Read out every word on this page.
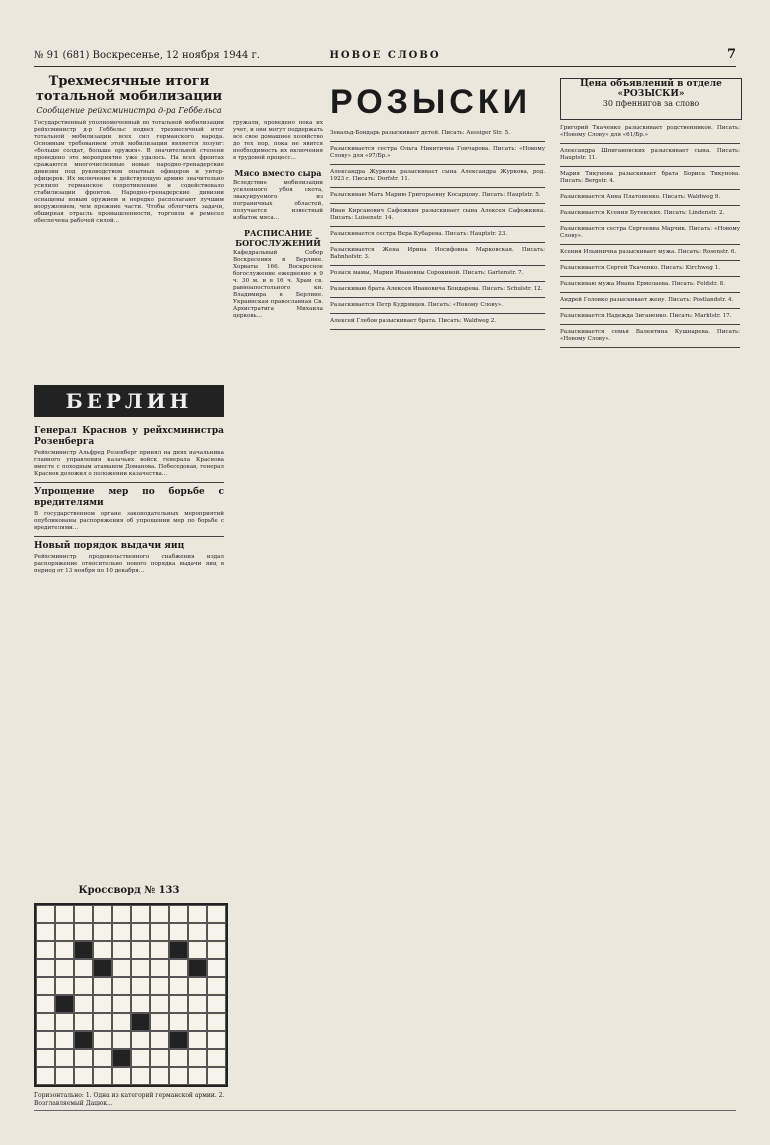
№ 91 (681) Воскресенье, 12 ноября 1944 г.	НОВОЕ СЛОВО	7
Трехмесячные итоги тотальной мобилизации
Сообщение рейхсминистра д-ра Геббельса
Государственный уполномоченный по тотальной мобилизации рейхсминистр д-р Геббельс подвел трехмесячный итог тотальной мобилизации всех сил германского народа. Основным требованием этой мобилизации является лозунг: «больше солдат, больше оружия». В значительной степени проведено это мероприятие уже удалось. На всех фронтах сражаются многочисленные новые народно-гренадерские дивизии под руководством опытных офицеров и унтер-офицеров. Их включение в действующую армию значительно усилило германское сопротивление и содействовало стабилизации фронтов. Народно-гренадерские дивизии оснащены новым оружием и нередко располагают лучшим вооружением, чем прежние части. Чтобы облегчить задачи, обширная отрасль промышленности, торговли и ремесел обеспечена рабочей силой...
БЕРЛИН
Генерал Краснов у рейхсминистра Розенберга
Рейхсминистр Альфред Розенберг принял на днях начальника главного управления казачьих войск генерала Краснова вместе с походным атаманом Доманова. Побеседовав, генерал Краснов доложил о положении казачества...
Упрощение мер по борьбе с вредителями
В государственном органе законодательных мероприятий опубликованы распоряжения об упрощении мер по борьбе с вредителями...
Новый порядок выдачи яиц
Рейхсминистр продовольственного снабжения издал распоряжение относительно нового порядка выдачи яиц в период от 13 ноября по 10 декабря...
Кроссворд № 133
Горизонтально: 1. Одна из категорий германской армии. 2. Возглавляемый Дацюк...
гружали, проведено пока их учет, и они могут поддержать все свое домашнее хозяйство до тех пор, пока не явится необходимость их включения в трудовой процесс...
Мясо вместо сыра
Вследствие мобилизации усиленного убоя скота, эвакуируемого из пограничных областей, получается известный избыток мяса...
РАСПИСАНИЕ БОГОСЛУЖЕНИЙ
Кафедральный Собор Воскресения в Берлине. Хорваты 166. Воскресное богослужение ежедневно в 9 ч. 30 м. и в 16 ч. Храм св. равноапостольного кн. Владимира в Берлине. Украинская православная Св. Архистратига Михаила церковь...
РОЗЫСКИ	Цена объявлений в отделе «РОЗЫСКИ»
30 пфеннигов за слово
Зевальд-Бондарь разыскивает детей. Писать: Aussiger Str. 5.
Разыскивается сестра Ольга Никитична Гончарова. Писать: «Новому Слову» для «97/Бр.»
Александра Журкова разыскивает сына Александра Журкова, род. 1923 г. Писать: Dorfstr. 11.
Разыскиваю Мать Марию Григорьевну Косарцову. Писать: Hauptstr. 5.
Иван Кирсанович Сафожкин разыскивает сына Алексея Сафожкина. Писать: Luisenstr. 14.
Разыскивается сестра Вера Кубарева. Писать: Hauptstr. 23.
Разыскивается Жена Ирина Иосифовна Марковская. Писать: Bahnhofstr. 3.
Розыск мамы, Марии Ивановны Сорокиной. Писать: Gartenstr. 7.
Разыскиваю брата Алексея Ивановича Бондарева. Писать: Schulstr. 12.
Разыскивается Петр Кудрявцев. Писать: «Новому Слову».
Алексей Глебов разыскивает брата. Писать: Waldweg 2.
Григорий Ткаченко разыскивает родственников. Писать: «Новому Слову» для «61/Бр.»
Александра Шпигановских разыскивает сына. Писать: Hauptstr. 11.
Мария Тикунова разыскивает брата Бориса Тикунова. Писать: Bergstr. 4.
Разыскивается Анна Платоненко. Писать: Waldweg 9.
Разыскивается Ксения Бутевских. Писать: Lindenstr. 2.
Разыскивается сестра Сергеевна Марчик. Писать: «Новому Слову».
Ксения Ильинична разыскивает мужа. Писать: Rosenstr. 6.
Разыскивается Сергей Ткаченко. Писать: Kirchweg 1.
Разыскиваю мужа Ивана Ермолаева. Писать: Feldstr. 8.
Андрей Головко разыскивает жену. Писать: Postlandstr. 4.
Разыскивается Надежда Зиганенко. Писать: Marktstr. 17.
Разыскивается семья Валентина Кушнарева. Писать: «Новому Слову».
